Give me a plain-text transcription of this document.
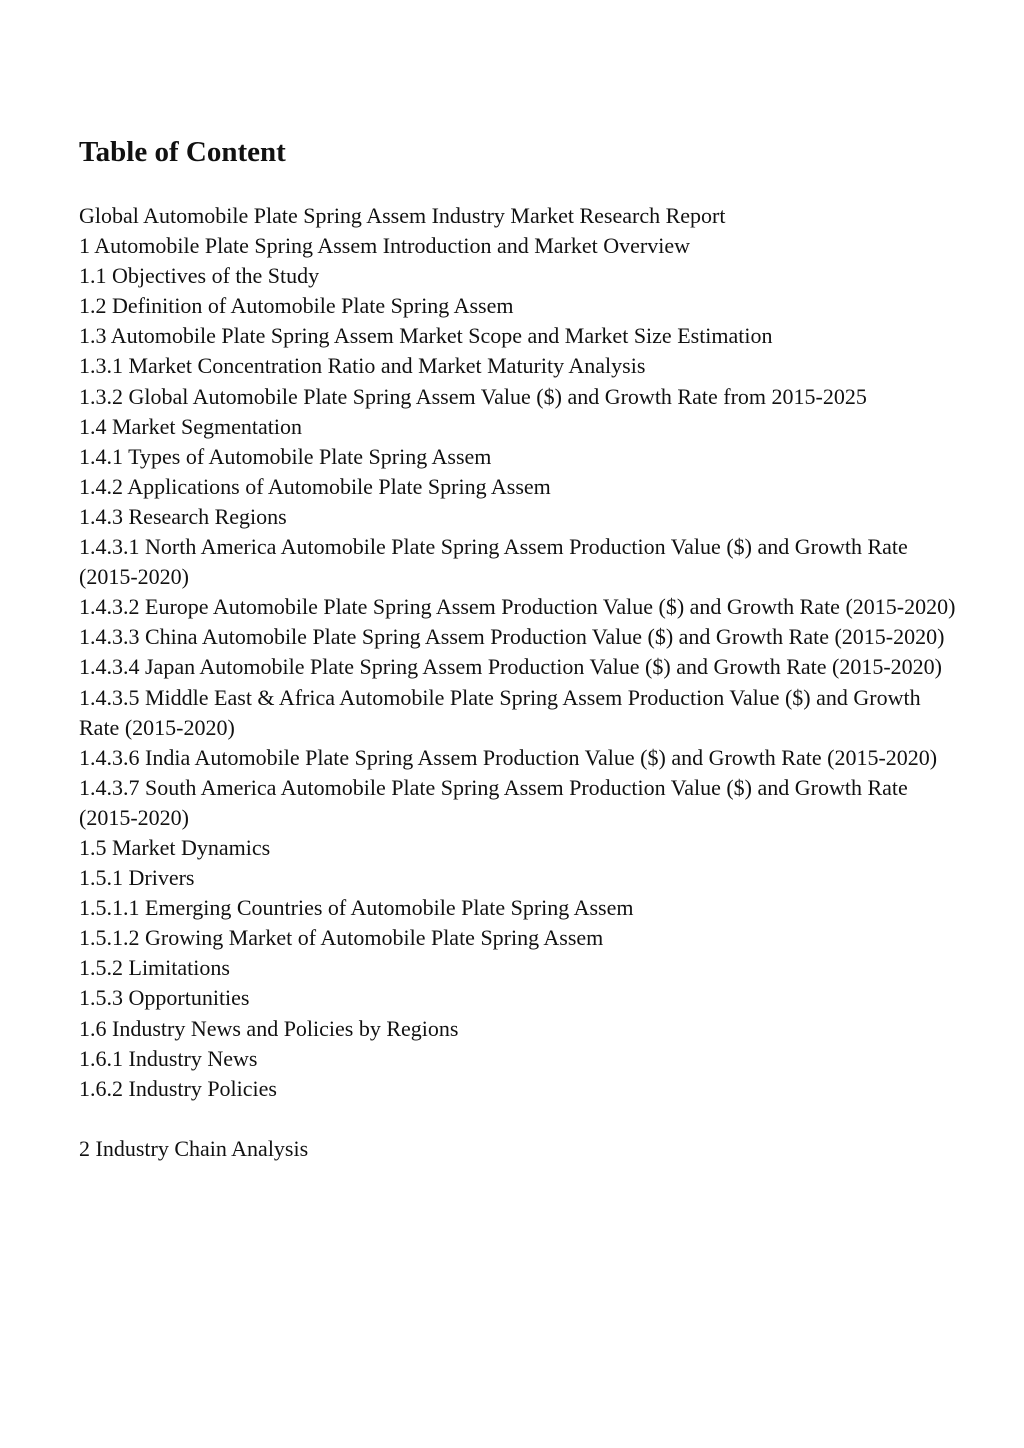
Table of Content
Global Automobile Plate Spring Assem Industry Market Research Report
1 Automobile Plate Spring Assem Introduction and Market Overview
1.1 Objectives of the Study
1.2 Definition of Automobile Plate Spring Assem
1.3 Automobile Plate Spring Assem Market Scope and Market Size Estimation
1.3.1 Market Concentration Ratio and Market Maturity Analysis
1.3.2 Global Automobile Plate Spring Assem Value ($) and Growth Rate from 2015-2025
1.4 Market Segmentation
1.4.1 Types of Automobile Plate Spring Assem
1.4.2 Applications of Automobile Plate Spring Assem
1.4.3 Research Regions
1.4.3.1 North America Automobile Plate Spring Assem Production Value ($) and Growth Rate (2015-2020)
1.4.3.2 Europe Automobile Plate Spring Assem Production Value ($) and Growth Rate (2015-2020)
1.4.3.3 China Automobile Plate Spring Assem Production Value ($) and Growth Rate (2015-2020)
1.4.3.4 Japan Automobile Plate Spring Assem Production Value ($) and Growth Rate (2015-2020)
1.4.3.5 Middle East & Africa Automobile Plate Spring Assem Production Value ($) and Growth Rate (2015-2020)
1.4.3.6 India Automobile Plate Spring Assem Production Value ($) and Growth Rate (2015-2020)
1.4.3.7 South America Automobile Plate Spring Assem Production Value ($) and Growth Rate (2015-2020)
1.5 Market Dynamics
1.5.1 Drivers
1.5.1.1 Emerging Countries of Automobile Plate Spring Assem
1.5.1.2 Growing Market of Automobile Plate Spring Assem
1.5.2 Limitations
1.5.3 Opportunities
1.6 Industry News and Policies by Regions
1.6.1 Industry News
1.6.2 Industry Policies
2 Industry Chain Analysis
